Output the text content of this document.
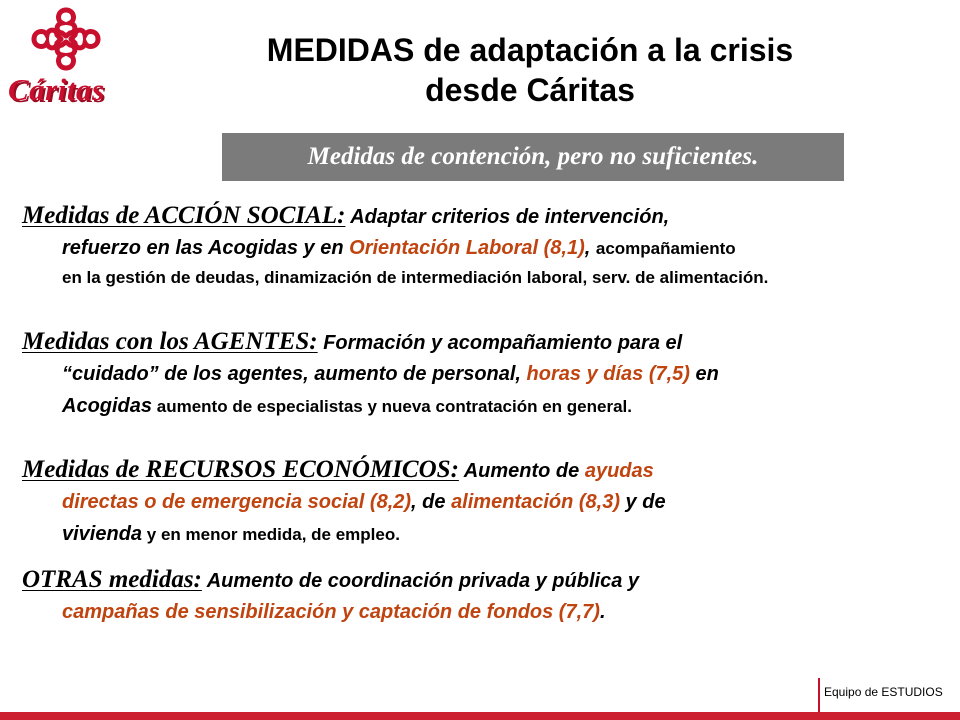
Cáritas
MEDIDAS de adaptación a la crisis
desde Cáritas
Medidas de contención, pero no suficientes.
Medidas de ACCIÓN SOCIAL: Adaptar criterios de intervención,
refuerzo en las Acogidas y en Orientación Laboral (8,1), acompañamiento
en la gestión de deudas, dinamización de intermediación laboral, serv. de alimentación.
Medidas con los AGENTES: Formación y acompañamiento para el
“cuidado” de los agentes, aumento de personal, horas y días (7,5) en
Acogidas aumento de especialistas y nueva contratación en general.
Medidas de RECURSOS ECONÓMICOS: Aumento de ayudas
directas o de emergencia social (8,2), de alimentación (8,3) y de
vivienda y en menor medida, de empleo.
OTRAS medidas: Aumento de coordinación privada y pública y
campañas de sensibilización y captación de fondos (7,7).
Equipo de ESTUDIOS
